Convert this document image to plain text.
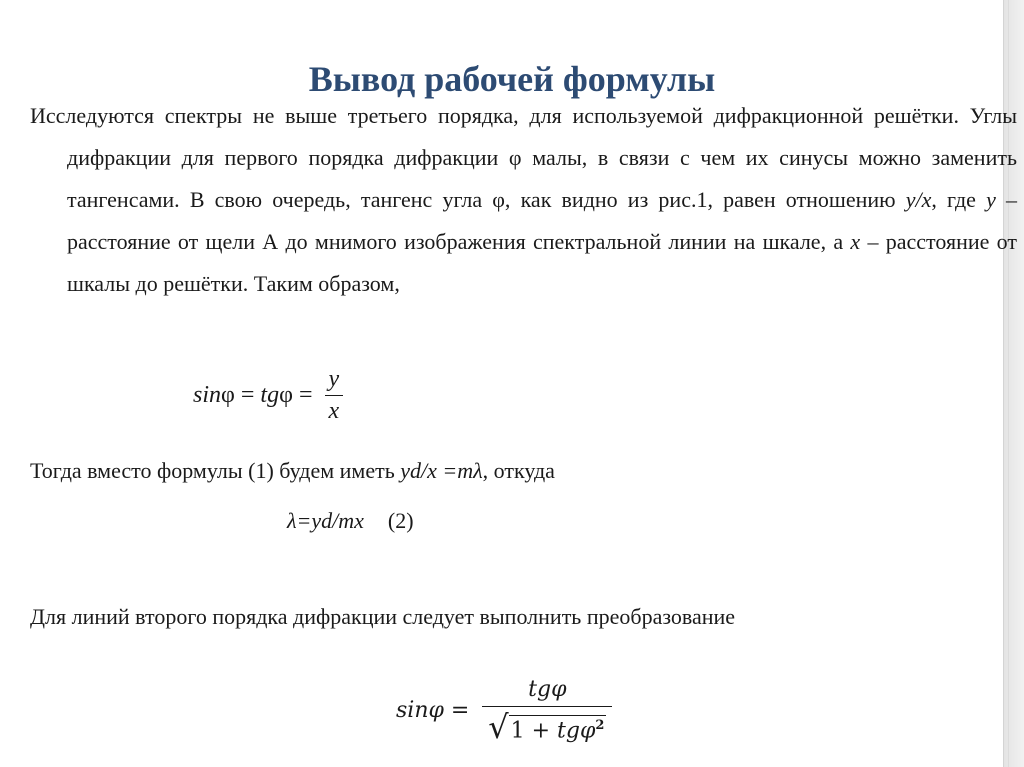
Вывод рабочей формулы
Исследуются спектры не выше третьего порядка, для используемой дифракционной решётки. Углы дифракции для первого порядка дифракции φ малы, в связи с чем их синусы можно заменить тангенсами. В свою очередь, тангенс угла φ, как видно из рис.1, равен отношению y/x, где y – расстояние от щели А до мнимого изображения спектральной линии на шкале, а x – расстояние от шкалы до решётки. Таким образом,
sin φ = tg $\varphi = \frac{y}{x}$
Тогда вместо формулы (1) будем иметь yd/x =mλ, откуда
λ=yd/mx (2)
Для линий второго порядка дифракции следует выполнить преобразование
$\sin\varphi = \frac{\text{tgφ}}{√ 1 + tg\varphi^2}$
